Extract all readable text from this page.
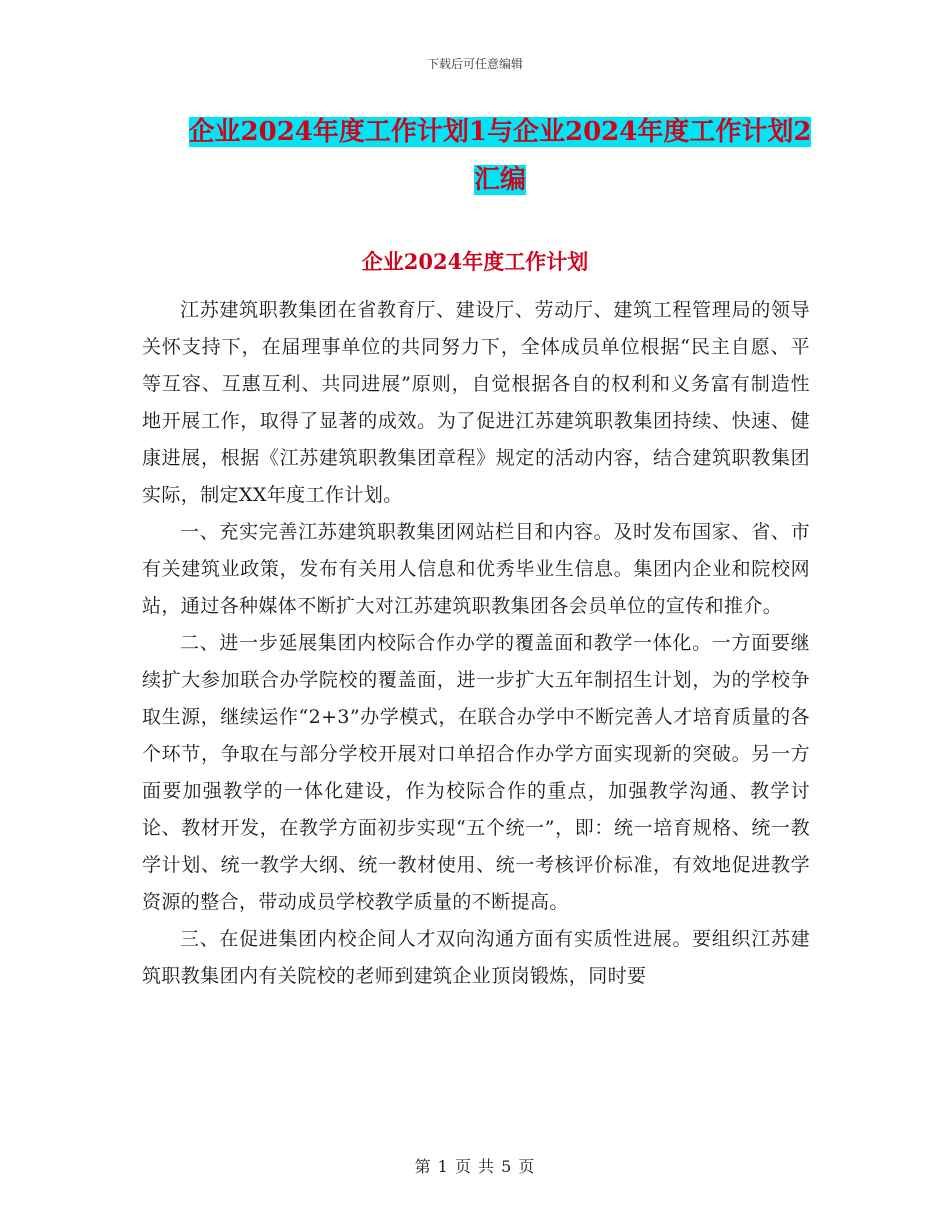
下载后可任意编辑
企业2024年度工作计划1与企业2024年度工作计划2汇编
企业2024年度工作计划

江苏建筑职教集团在省教育厅、建设厅、劳动厅、建筑工程管理局的领导关怀支持下，在届理事单位的共同努力下，全体成员单位根据“民主自愿、平等互容、互惠互利、共同进展”原则，自觉根据各自的权利和义务富有制造性地开展工作，取得了显著的成效。为了促进江苏建筑职教集团持续、快速、健康进展，根据《江苏建筑职教集团章程》规定的活动内容，结合建筑职教集团实际，制定XX年度工作计划。

一、充实完善江苏建筑职教集团网站栏目和内容。及时发布国家、省、市有关建筑业政策，发布有关用人信息和优秀毕业生信息。集团内企业和院校网站，通过各种媒体不断扩大对江苏建筑职教集团各会员单位的宣传和推介。

二、进一步延展集团内校际合作办学的覆盖面和教学一体化。一方面要继续扩大参加联合办学院校的覆盖面，进一步扩大五年制招生计划，为的学校争取生源，继续运作“2+3”办学模式，在联合办学中不断完善人才培育质量的各个环节，争取在与部分学校开展对口单招合作办学方面实现新的突破。另一方面要加强教学的一体化建设，作为校际合作的重点，加强教学沟通、教学讨论、教材开发，在教学方面初步实现“五个统一”，即：统一培育规格、统一教学计划、统一教学大纲、统一教材使用、统一考核评价标准，有效地促进教学资源的整合，带动成员学校教学质量的不断提高。

三、在促进集团内校企间人才双向沟通方面有实质性进展。要组织江苏建筑职教集团内有关院校的老师到建筑企业顶岗锻炼，同时要

第 1 页 共 5 页
